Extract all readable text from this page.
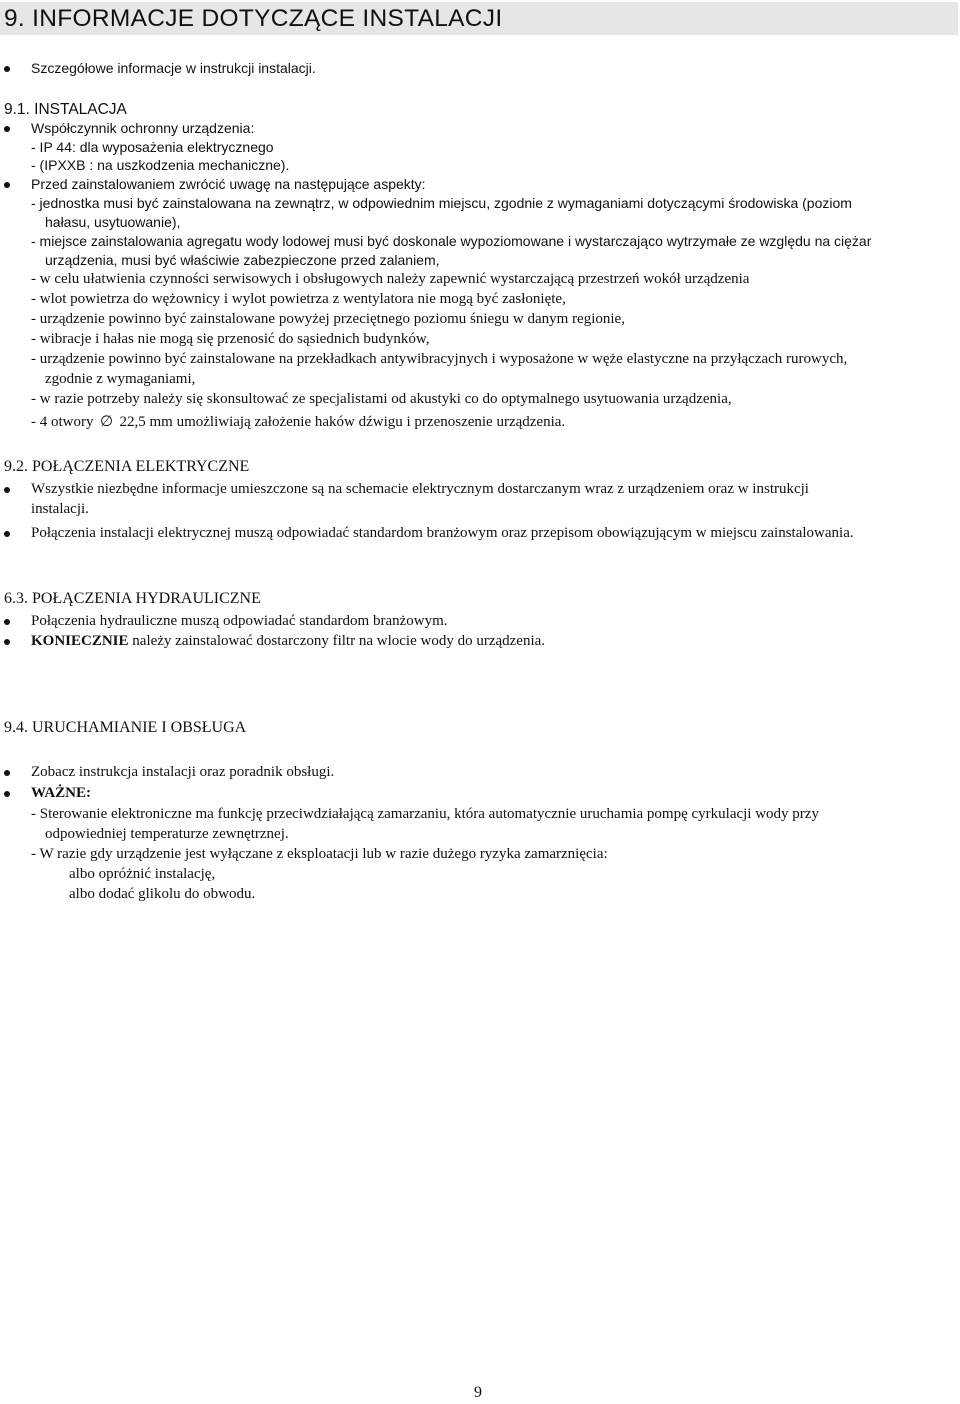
9. INFORMACJE DOTYCZĄCE INSTALACJI
Szczegółowe informacje w instrukcji instalacji.
9.1. INSTALACJA
Współczynnik ochronny urządzenia:
- IP 44: dla wyposażenia elektrycznego
- (IPXXB : na uszkodzenia mechaniczne).
Przed zainstalowaniem zwrócić uwagę na następujące aspekty:
- jednostka musi być zainstalowana na zewnątrz, w odpowiednim miejscu, zgodnie z wymaganiami dotyczącymi środowiska (poziom
hałasu, usytuowanie),
- miejsce zainstalowania agregatu wody lodowej musi być doskonale wypoziomowane i wystarczająco wytrzymałe ze względu na ciężar
urządzenia, musi być właściwie zabezpieczone przed zalaniem,
- w celu ułatwienia czynności serwisowych i obsługowych należy zapewnić wystarczającą przestrzeń wokół urządzenia
- wlot powietrza do wężownicy i wylot powietrza z wentylatora nie mogą być zasłonięte,
- urządzenie powinno być zainstalowane powyżej przeciętnego poziomu śniegu w danym regionie,
- wibracje i hałas nie mogą się przenosić do sąsiednich budynków,
- urządzenie powinno być zainstalowane na przekładkach antywibracyjnych i wyposażone w węże elastyczne na przyłączach rurowych,
zgodnie z wymaganiami,
- w razie potrzeby należy się skonsultować ze specjalistami od akustyki co do optymalnego usytuowania urządzenia,
- 4 otwory ∅ 22,5 mm umożliwiają założenie haków dźwigu i przenoszenie urządzenia.
9.2. POŁĄCZENIA ELEKTRYCZNE
Wszystkie niezbędne informacje umieszczone są na schemacie elektrycznym dostarczanym wraz z urządzeniem oraz w instrukcji
instalacji.
Połączenia instalacji elektrycznej muszą odpowiadać standardom branżowym oraz przepisom obowiązującym w miejscu zainstalowania.
6.3. POŁĄCZENIA HYDRAULICZNE
Połączenia hydrauliczne muszą odpowiadać standardom branżowym.
KONIECZNIE należy zainstalować dostarczony filtr na wlocie wody do urządzenia.
9.4. URUCHAMIANIE I OBSŁUGA
Zobacz instrukcja instalacji oraz poradnik obsługi.
WAŻNE:
- Sterowanie elektroniczne ma funkcję przeciwdziałającą zamarzaniu, która automatycznie uruchamia pompę cyrkulacji wody przy
odpowiedniej temperaturze zewnętrznej.
- W razie gdy urządzenie jest wyłączane z eksploatacji lub w razie dużego ryzyka zamarznięcia:
albo opróżnić instalację,
albo dodać glikolu do obwodu.
9
